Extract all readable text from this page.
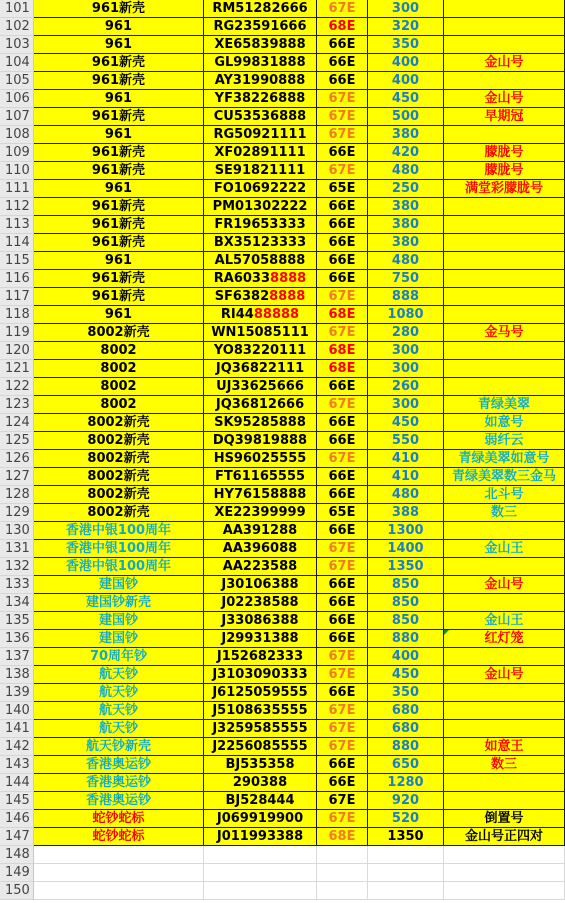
101	961新壳	RM51282666	67E	300
102	961	RG23591666	68E	320
103	961	XE65839888	66E	350
104	961新壳	GL99831888	66E	400	金山号
105	961新壳	AY31990888	66E	400
106	961	YF38226888	67E	450	金山号
107	961新壳	CU53536888	67E	500	早期冠
108	961	RG50921111	67E	380
109	961新壳	XF02891111	66E	420	朦胧号
110	961新壳	SE91821111	67E	480	朦胧号
111	961	FO10692222	65E	250	满堂彩朦胧号
112	961新壳	PM01302222	66E	380
113	961新壳	FR19653333	66E	380
114	961新壳	BX35123333	66E	380
115	961	AL57058888	66E	480
116	961新壳	RA60338888	66E	750
117	961新壳	SF63828888	67E	888
118	961	RI4488888	68E	1080
119	8002新壳	WN15085111	67E	280	金马号
120	8002	YO83220111	68E	300
121	8002	JQ36822111	68E	300
122	8002	UJ33625666	66E	260
123	8002	JQ36812666	67E	300	青绿美翠
124	8002新壳	SK95285888	66E	450	如意号
125	8002新壳	DQ39819888	66E	550	弱纤云
126	8002新壳	HS96025555	67E	410	青绿美翠如意号
127	8002新壳	FT61165555	66E	410	青绿美翠数三金马
128	8002新壳	HY76158888	66E	480	北斗号
129	8002新壳	XE22399999	65E	388	数三
130	香港中银100周年	AA391288	66E	1300
131	香港中银100周年	AA396088	67E	1400	金山王
132	香港中银100周年	AA223588	67E	1350
133	建国钞	J30106388	66E	850	金山号
134	建国钞新壳	J02238588	66E	850
135	建国钞	J33086388	66E	850	金山王
136	建国钞	J29931388	66E	880	红灯笼
137	70周年钞	J152682333	67E	400
138	航天钞	J3103090333	67E	450	金山号
139	航天钞	J6125059555	66E	350
140	航天钞	J5108635555	67E	680
141	航天钞	J3259585555	67E	680
142	航天钞新壳	J2256085555	67E	880	如意王
143	香港奥运钞	BJ535358	66E	650	数三
144	香港奥运钞	290388	66E	1280
145	香港奥运钞	BJ528444	67E	920
146	蛇钞蛇标	J069919900	67E	520	倒置号
147	蛇钞蛇标	J011993388	68E	1350	金山号正四对
148
149
150
